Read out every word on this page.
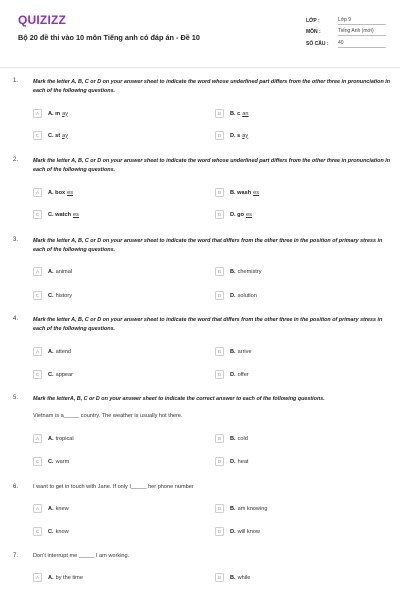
QUIZIZZ
Bộ 20 đề thi vào 10 môn Tiếng anh có đáp án - Đề 10
LỚP :	Lớp 9
MÔN :	Tiếng Anh (mới)
SỐ CÂU :	40
1.	Mark the letter A, B, C or D on your answer sheet to indicate the word whose underlined part differs from the other three in pronunciation in each of the following questions.
A	A. m ay	B	B. c an
C	C. st ay	D	D. s ay
2.	Mark the letter A, B, C or D on your answer sheet to indicate the word whose underlined part differs from the other three in pronunciation in each of the following questions.
A	A. box es	B	B. wash es
C	C. watch es	D	D. go es
3.	Mark the letter A, B, C or D on your answer sheet to indicate the word that differs from the other three in the position of primary stress in each of the following questions.
A	A. animal	B	B. chemistry
C	C. history	D	D. solution
4.	Mark the letter A, B, C or D on your answer sheet to indicate the word that differs from the other three in the position of primary stress in each of the following questions.
A	A. attend	B	B. arrive
C	C. appear	D	D. offer
5.	Mark the letterA, B, C or D on your answer sheet to indicate the correct answer to each of the following questions.
Vietnam is a_____ country. The weather is usually hot there.
A	A. tropical	B	B. cold
C	C. warm	D	D. heat
6.	I want to get in touch with Jane. If only I_____ her phone number
A	A. knew	B	B. am knowing
C	C. know	D	D. will know
7.	Don't interrupt me _____ I am working.
A	A. by the time	B	B. while
